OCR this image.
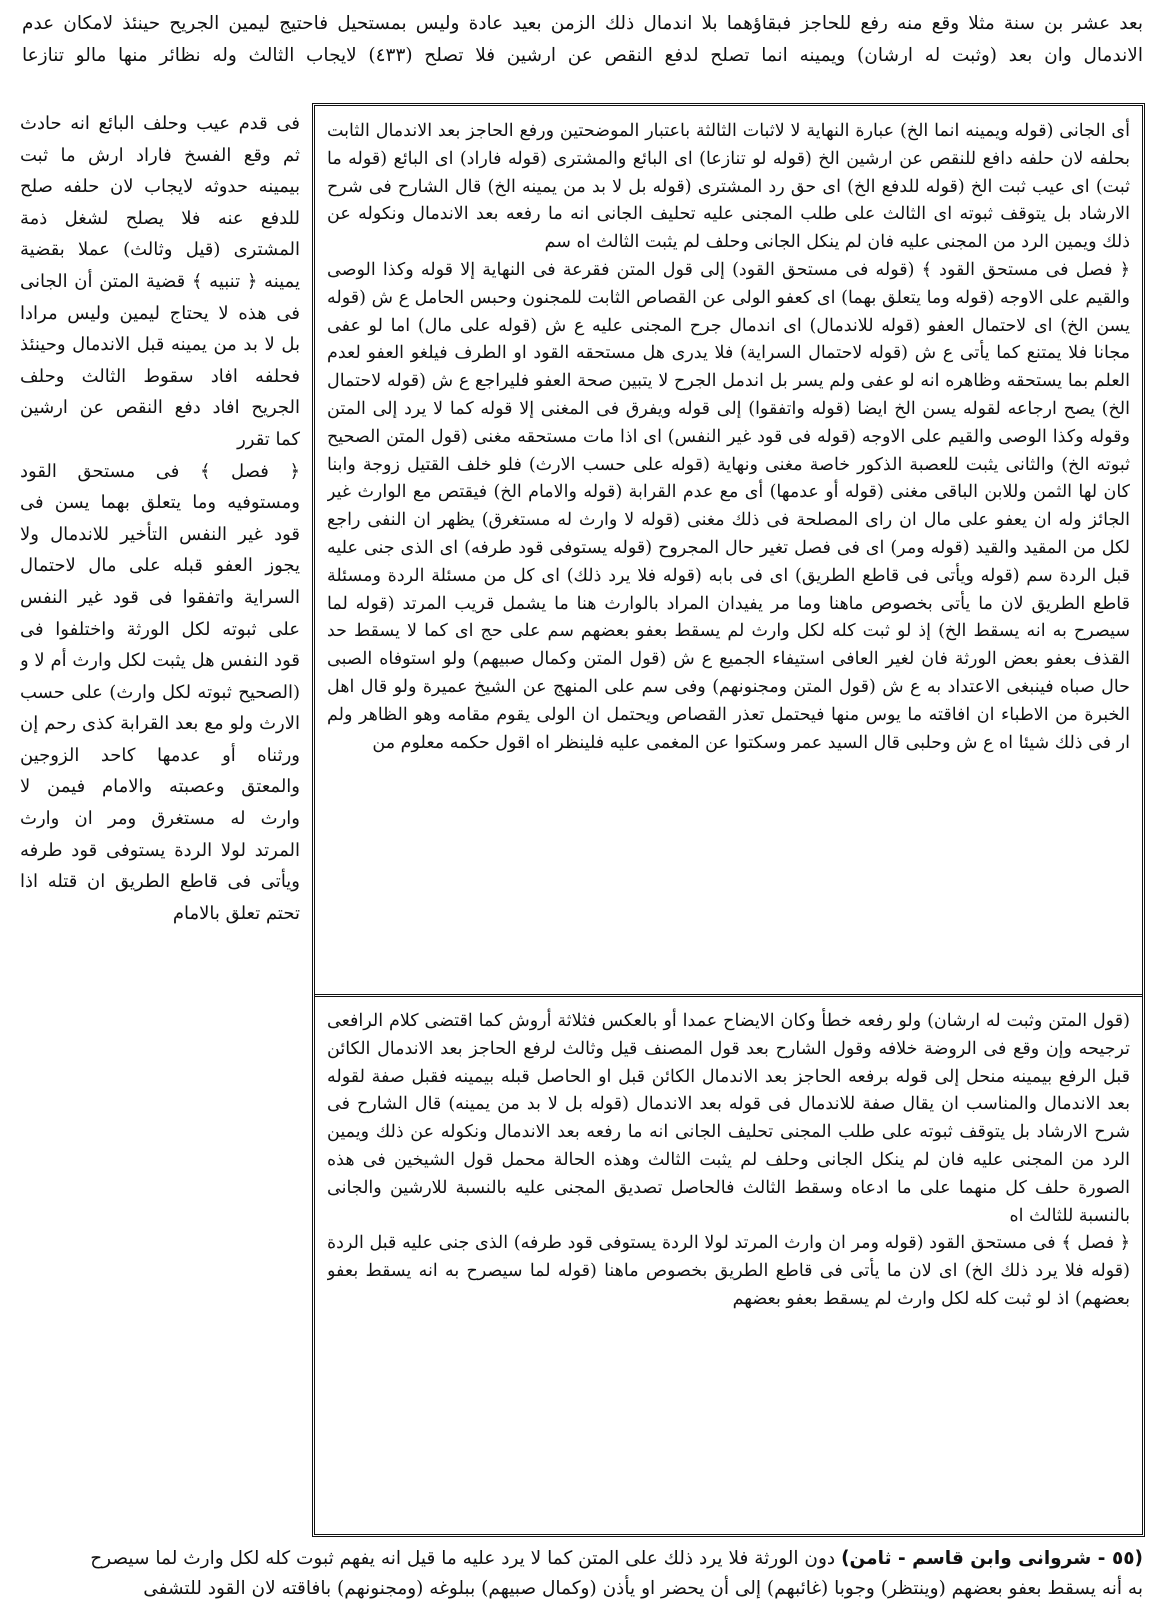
بعد عشر بن سنة مثلا وقع منه رفع للحاجز فبقاؤهما بلا اندمال ذلك الزمن بعيد عادة وليس بمستحيل فاحتيج ليمين الجريح حينئذ لامكان عدم
الاندمال وان بعد (وثبت له ارشان) ويمينه انما تصلح لدفع النقص عن ارشين فلا تصلح (٤٣٣) لايجاب الثالث وله نظائر منها مالو تنازعا

فى قدم عيب وحلف البائع انه حادث ثم وقع الفسخ فاراد ارش ما ثبت بيمينه حدوثه لايجاب لان حلفه صلح للدفع عنه فلا يصلح لشغل ذمة المشترى (قيل وثالث) عملا بقضية يمينه ﴿ تنبيه ﴾ قضية المتن أن الجانى فى هذه لا يحتاج ليمين وليس مرادا بل لا بد من يمينه قبل الاندمال وحينئذ فحلفه افاد سقوط الثالث وحلف الجريح افاد دفع النقص عن ارشين كما تقرر

﴿ فصل ﴾ فى مستحق القود ومستوفيه وما يتعلق بهما يسن فى قود غير النفس التأخير للاندمال ولا يجوز العفو قبله على مال لاحتمال السراية واتفقوا فى قود غير النفس على ثبوته لكل الورثة واختلفوا فى قود النفس هل يثبت لكل وارث أم لا و (الصحيح ثبوته لكل وارث) على حسب الارث ولو مع بعد القرابة كذى رحم إن ورثناه أو عدمها كاحد الزوجين والمعتق وعصبته والامام فيمن لا وارث له مستغرق ومر ان وارث المرتد لولا الردة يستوفى قود طرفه ويأتى فى قاطع الطريق ان قتله اذا تحتم تعلق بالامام

أى الجانى (قوله ويمينه انما الخ) عبارة النهاية لا لاثبات الثالثة باعتبار الموضحتين ورفع الحاجز بعد الاندمال الثابت بحلفه لان حلفه دافع للنقص عن ارشين الخ (قوله لو تنازعا) اى البائع والمشترى (قوله فاراد) اى البائع (قوله ما ثبت) اى عيب ثبت الخ (قوله للدفع الخ) اى حق رد المشترى (قوله بل لا بد من يمينه الخ) قال الشارح فى شرح الارشاد بل يتوقف ثبوته اى الثالث على طلب المجنى عليه تحليف الجانى انه ما رفعه بعد الاندمال ونكوله عن ذلك ويمين الرد من المجنى عليه فان لم ينكل الجانى وحلف لم يثبت الثالث اه سم

﴿ فصل فى مستحق القود ﴾ (قوله فى مستحق القود) إلى قول المتن فقرعة فى النهاية إلا قوله وكذا الوصى والقيم على الاوجه (قوله وما يتعلق بهما) اى كعفو الولى عن القصاص الثابت للمجنون وحبس الحامل ع ش (قوله يسن الخ) اى لاحتمال العفو (قوله للاندمال) اى اندمال جرح المجنى عليه ع ش (قوله على مال) اما لو عفى مجانا فلا يمتنع كما يأتى ع ش (قوله لاحتمال السراية) فلا يدرى هل مستحقه القود او الطرف فيلغو العفو لعدم العلم بما يستحقه وظاهره انه لو عفى ولم يسر بل اندمل الجرح لا يتبين صحة العفو فليراجع ع ش (قوله لاحتمال الخ) يصح ارجاعه لقوله يسن الخ ايضا (قوله واتفقوا) إلى قوله ويفرق فى المغنى إلا قوله كما لا يرد إلى المتن وقوله وكذا الوصى والقيم على الاوجه (قوله فى قود غير النفس) اى اذا مات مستحقه مغنى (قول المتن الصحيح ثبوته الخ) والثانى يثبت للعصبة الذكور خاصة مغنى ونهاية (قوله على حسب الارث) فلو خلف القتيل زوجة وابنا كان لها الثمن وللابن الباقى مغنى (قوله أو عدمها) أى مع عدم القرابة (قوله والامام الخ) فيقتص مع الوارث غير الجائز وله ان يعفو على مال ان راى المصلحة فى ذلك مغنى (قوله لا وارث له مستغرق) يظهر ان النفى راجع لكل من المقيد والقيد (قوله ومر) اى فى فصل تغير حال المجروح (قوله يستوفى قود طرفه) اى الذى جنى عليه قبل الردة سم (قوله ويأتى فى قاطع الطريق) اى فى بابه (قوله فلا يرد ذلك) اى كل من مسئلة الردة ومسئلة قاطع الطريق لان ما يأتى بخصوص ماهنا وما مر يفيدان المراد بالوارث هنا ما يشمل قريب المرتد (قوله لما سيصرح به انه يسقط الخ) إذ لو ثبت كله لكل وارث لم يسقط بعفو بعضهم سم على حج اى كما لا يسقط حد القذف بعفو بعض الورثة فان لغير العافى استيفاء الجميع ع ش (قول المتن وكمال صبيهم) ولو استوفاه الصبى حال صباه فينبغى الاعتداد به ع ش (قول المتن ومجنونهم) وفى سم على المنهج عن الشيخ عميرة ولو قال اهل الخبرة من الاطباء ان افاقته ما يوس منها فيحتمل تعذر القصاص ويحتمل ان الولى يقوم مقامه وهو الظاهر ولم ار فى ذلك شيئا اه ع ش وحلبى قال السيد عمر وسكتوا عن المغمى عليه فلينظر اه اقول حكمه معلوم من

(قول المتن وثبت له ارشان) ولو رفعه خطأ وكان الايضاح عمدا أو بالعكس فثلاثة أروش كما اقتضى كلام الرافعى ترجيحه وإن وقع فى الروضة خلافه وقول الشارح بعد قول المصنف قيل وثالث لرفع الحاجز بعد الاندمال الكائن قبل الرفع بيمينه منحل إلى قوله برفعه الحاجز بعد الاندمال الكائن قبل او الحاصل قبله بيمينه فقبل صفة لقوله بعد الاندمال والمناسب ان يقال صفة للاندمال فى قوله بعد الاندمال (قوله بل لا بد من يمينه) قال الشارح فى شرح الارشاد بل يتوقف ثبوته على طلب المجنى تحليف الجانى انه ما رفعه بعد الاندمال ونكوله عن ذلك ويمين الرد من المجنى عليه فان لم ينكل الجانى وحلف لم يثبت الثالث وهذه الحالة محمل قول الشيخين فى هذه الصورة حلف كل منهما على ما ادعاه وسقط الثالث فالحاصل تصديق المجنى عليه بالنسبة للارشين والجانى بالنسبة للثالث اه

﴿ فصل ﴾ فى مستحق القود (قوله ومر ان وارث المرتد لولا الردة يستوفى قود طرفه) الذى جنى عليه قبل الردة (قوله فلا يرد ذلك الخ) اى لان ما يأتى فى قاطع الطريق بخصوص ماهنا (قوله لما سيصرح به انه يسقط بعفو بعضهم) اذ لو ثبت كله لكل وارث لم يسقط بعفو بعضهم

(٥٥ - شروانى وابن قاسم - ثامن) دون الورثة فلا يرد ذلك على المتن كما لا يرد عليه ما قيل انه يفهم ثبوت كله لكل وارث لما سيصرح
به أنه يسقط بعفو بعضهم (وينتظر) وجوبا (غائبهم) إلى أن يحضر او يأذن (وكمال صبيهم) ببلوغه (ومجنونهم) بافاقته لان القود للتشفى
